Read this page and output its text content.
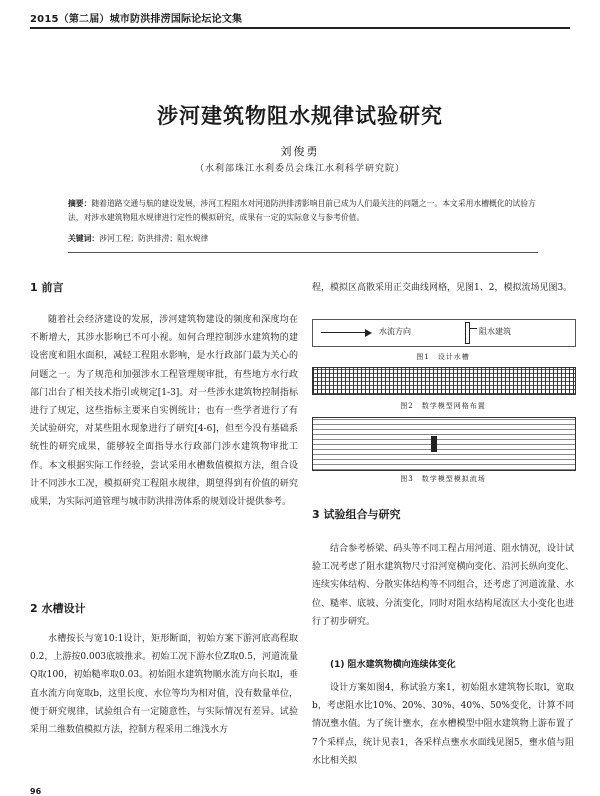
2015（第二届）城市防洪排涝国际论坛论文集
涉河建筑物阻水规律试验研究
刘俊勇
（水利部珠江水利委员会珠江水利科学研究院）
摘要：随着道路交通与航的建设发展，涉河工程阻水对河道防洪排涝影响目前已成为人们最关注的问题之一。本文采用水槽概化的试验方法，对涉水建筑物阻水规律进行定性的模拟研究，成果有一定的实际意义与参考价值。
关键词：涉河工程；防洪排涝；阻水规律
1 前言
随着社会经济建设的发展，涉河建筑物建设的频度和深度均在不断增大，其涉水影响已不可小视。如何合理控制涉水建筑物的建设密度和阻水面积，减轻工程阻水影响，是水行政部门最为关心的问题之一。为了规范和加强涉水工程管理规审批，有些地方水行政部门出台了相关技术指引或规定[1-3]。对一些涉水建筑物控制指标进行了规定，这些指标主要来自实例统计；也有一些学者进行了有关试验研究，对某些阻水现象进行了研究[4-6]，但至今没有基础系统性的研究成果，能够较全面指导水行政部门涉水建筑物审批工作。本文根据实际工作经验，尝试采用水槽数值模拟方法，组合设计不同涉水工况，模拟研究工程阻水规律，期望得到有价值的研究成果，为实际河道管理与城市防洪排涝体系的规划设计提供参考。
2 水槽设计
水槽按长与宽10:1设计，矩形断面，初始方案下游河底高程取0.2，上游按0.003底坡推求。初始工况下游水位Z取0.5，河道流量Q取100，初始糙率取0.03。初始阻水建筑物顺水流方向长取l，垂直水流方向宽取b，这里长度、水位等均为相对值，没有数量单位，便于研究规律，试验组合有一定随意性，与实际情况有差异。试验采用二维数值模拟方法，控制方程采用二维浅水方
程，模拟区高散采用正交曲线网格，见图1、2，模拟流场见图3。
水流方向	阻水建筑
图1　设计水槽
图2　数学模型网格布置
图3　数学模型模拟流场
3 试验组合与研究
结合参考桥梁、码头等不同工程占用河道、阻水情况，设计试验工况考虑了阻水建筑物尺寸沿河宽横向变化、沿河长纵向变化、连续实体结构、分散实体结构等不同组合，还考虑了河道流量、水位、糙率、底坡、分流变化，同时对阻水结构尾流区大小变化也进行了初步研究。
(1) 阻水建筑物横向连续体变化
设计方案如图4，称试验方案1，初始阻水建筑物长取l，宽取b，考虑阻水比10%、20%、30%、40%、50%变化，计算不同情况壅水值。为了统计壅水，在水槽模型中阻水建筑物上游布置了7个采样点，统计见表1，各采样点壅水水面线见图5，壅水值与阻水比相关拟
96
